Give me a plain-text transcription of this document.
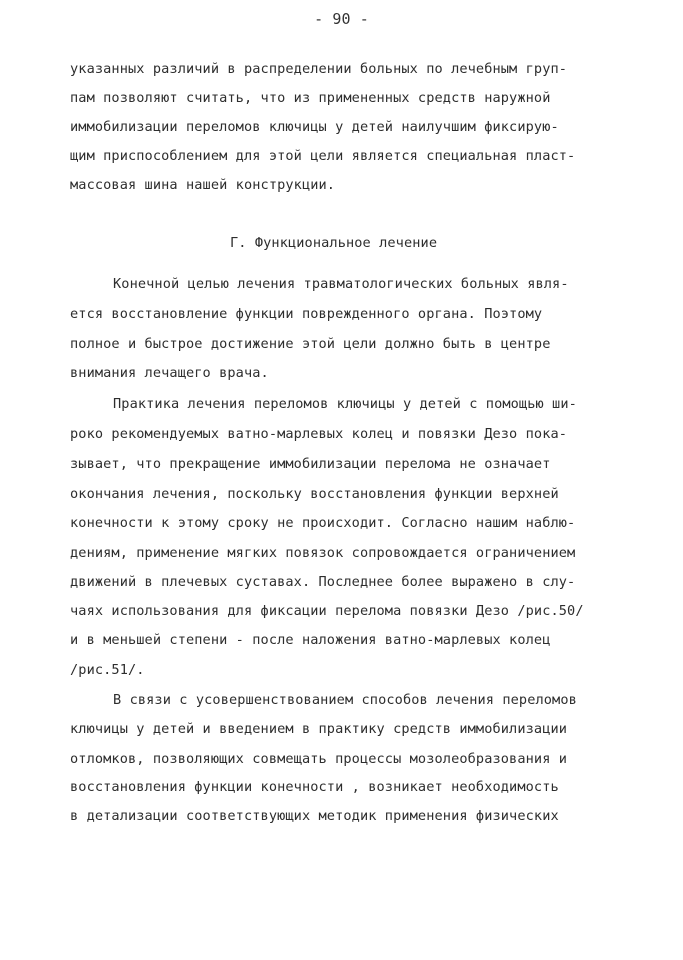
- 90 -
указанных различий в распределении больных по лечебным груп-
пам позволяют считать, что из примененных средств наружной
иммобилизации переломов ключицы у детей наилучшим фиксирую-
щим приспособлением для этой цели является специальная пласт-
массовая шина нашей конструкции.
Г. Функциональное лечение
Конечной целью лечения травматологических больных явля-
ется восстановление функции поврежденного органа. Поэтому
полное и быстрое достижение этой цели должно быть в центре
внимания лечащего врача.
Практика лечения переломов ключицы у детей с помощью ши-
роко рекомендуемых ватно-марлевых колец и повязки Дезо пока-
зывает, что прекращение иммобилизации перелома не означает
окончания лечения, поскольку восстановления функции верхней
конечности к этому сроку не происходит. Согласно нашим наблю-
дениям, применение мягких повязок сопровождается ограничением
движений в плечевых суставах. Последнее более выражено в слу-
чаях использования для фиксации перелома повязки Дезо /рис.50/
и в меньшей степени - после наложения ватно-марлевых колец
/рис.51/.
В связи с усовершенствованием способов лечения переломов
ключицы у детей и введением в практику средств иммобилизации
отломков, позволяющих совмещать процессы мозолеобразования и
восстановления функции конечности , возникает необходимость
в детализации соответствующих методик применения физических
